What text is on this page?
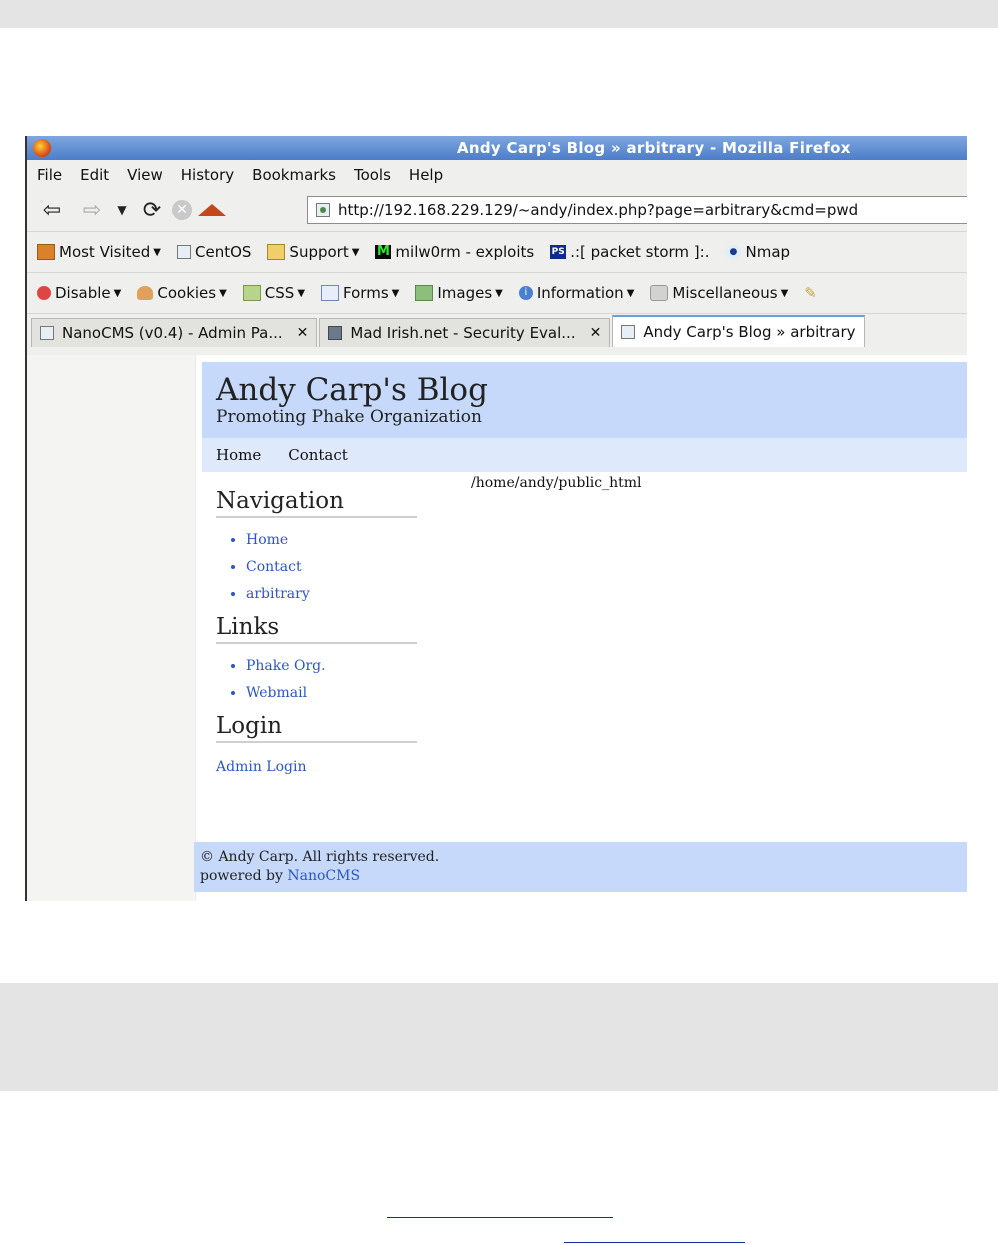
Andy Carp's Blog » arbitrary - Mozilla Firefox
File Edit View History Bookmarks Tools Help
⇦ ⇨	▼ ⟳	✕	http://192.168.229.129/~andy/index.php?page=arbitrary&cmd=pwd
Most Visited ▼ CentOS	Support ▼ M milw0rm - exploits PS .:[ packet storm ]:.	● Nmap
Disable ▼ Cookies ▼	CSS ▼	Forms ▼	Images ▼	i Information ▼	Miscellaneous ▼ ✎
NanoCMS (v0.4) - Admin Pa... ✕	Mad Irish.net - Security Eval... ✕	Andy Carp's Blog » arbitrary
Andy Carp's Blog
Promoting Phake Organization
Home Contact
/home/andy/public_html
Navigation
• Home
• Contact
• arbitrary
Links
• Phake Org.
• Webmail
Login
Admin Login
© Andy Carp. All rights reserved.
powered by NanoCMS
